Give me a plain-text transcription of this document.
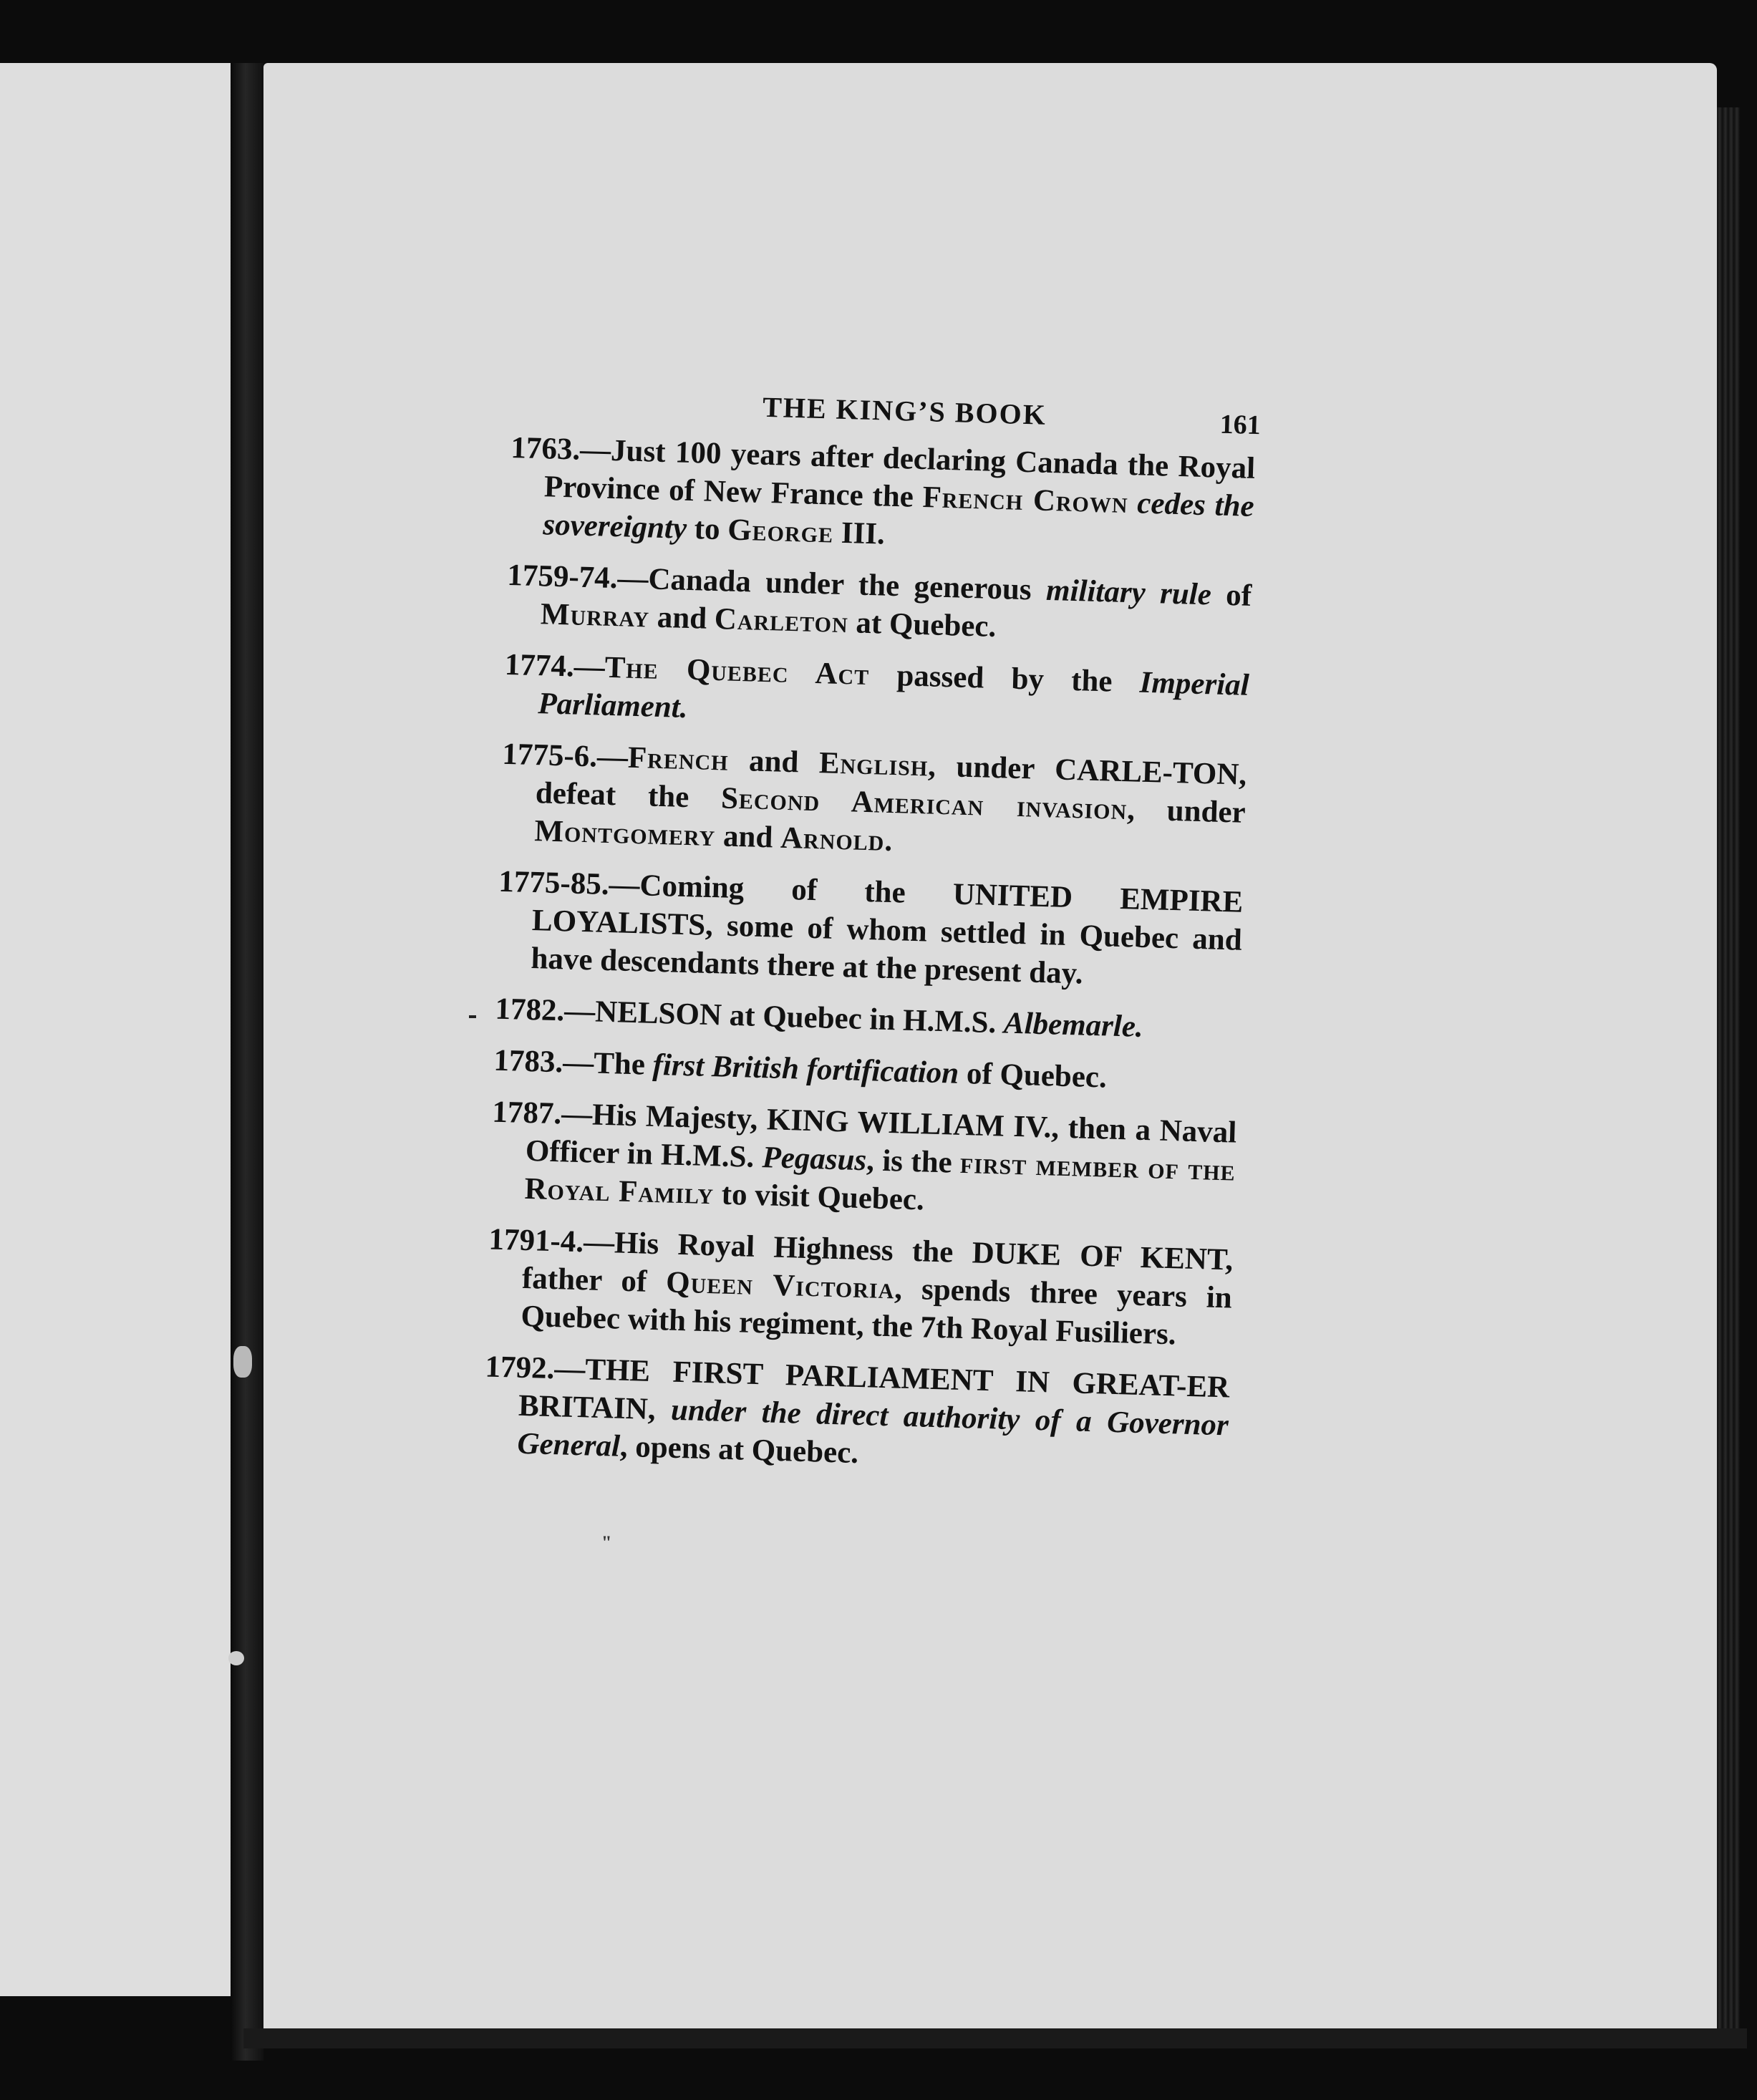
THE KING’S BOOK	161
1763.—Just 100 years after declaring Canada the Royal Province of New France the French Crown cedes the sovereignty to George III.
1759-74.—Canada under the generous military rule of Murray and Carleton at Quebec.
1774.—The Quebec Act passed by the Imperial Parliament.
1775-6.—French and English, under CARLE-TON, defeat the Second American invasion, under Montgomery and Arnold.
1775-85.—Coming of the UNITED EMPIRE LOYALISTS, some of whom settled in Quebec and have descendants there at the present day.
1782.—NELSON at Quebec in H.M.S. Albemarle.
1783.—The first British fortification of Quebec.
1787.—His Majesty, KING WILLIAM IV., then a Naval Officer in H.M.S. Pegasus, is the first member of the Royal Family to visit Quebec.
1791-4.—His Royal Highness the DUKE OF KENT, father of Queen Victoria, spends three years in Quebec with his regiment, the 7th Royal Fusiliers.
1792.—THE FIRST PARLIAMENT IN GREAT-ER BRITAIN, under the direct authority of a Governor General, opens at Quebec.
"
